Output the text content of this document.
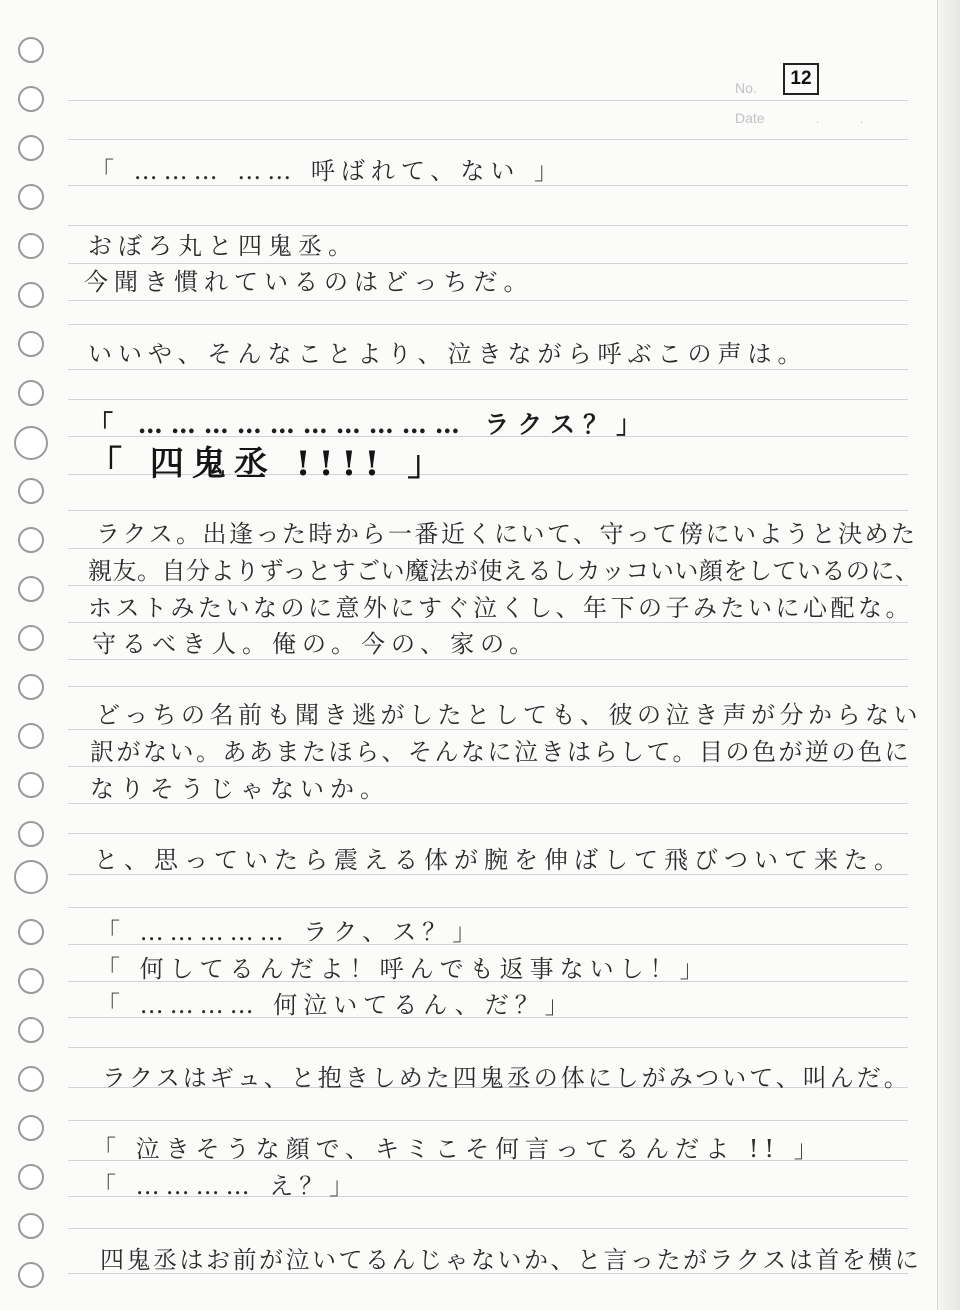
No. 12
Date	·	·
「 ……… …… 呼ばれて、ない 」
おぼろ丸と四鬼丞。
今聞き慣れているのはどっちだ。
いいや、そんなことより、泣きながら呼ぶこの声は。
「 ………………………… ラクス？」
「 四鬼丞 !!!! 」
ラクス。出逢った時から一番近くにいて、守って傍にいようと決めた
親友。自分よりずっとすごい魔法が使えるしカッコいい顔をしているのに、
ホストみたいなのに意外にすぐ泣くし、年下の子みたいに心配な。
守るべき人。俺の。今の、家の。
どっちの名前も聞き逃がしたとしても、彼の泣き声が分からない
訳がない。ああまたほら、そんなに泣きはらして。目の色が逆の色に
なりそうじゃないか。
と、思っていたら震える体が腕を伸ばして飛びついて来た。
「 …………… ラク、ス？」
「 何してるんだよ！呼んでも返事ないし！」
「 ………… 何泣いてるん、だ？」
ラクスはギュ、と抱きしめた四鬼丞の体にしがみついて、叫んだ。
「 泣きそうな顔で、キミこそ何言ってるんだよ !! 」
「 ………… え？」
四鬼丞はお前が泣いてるんじゃないか、と言ったがラクスは首を横に
